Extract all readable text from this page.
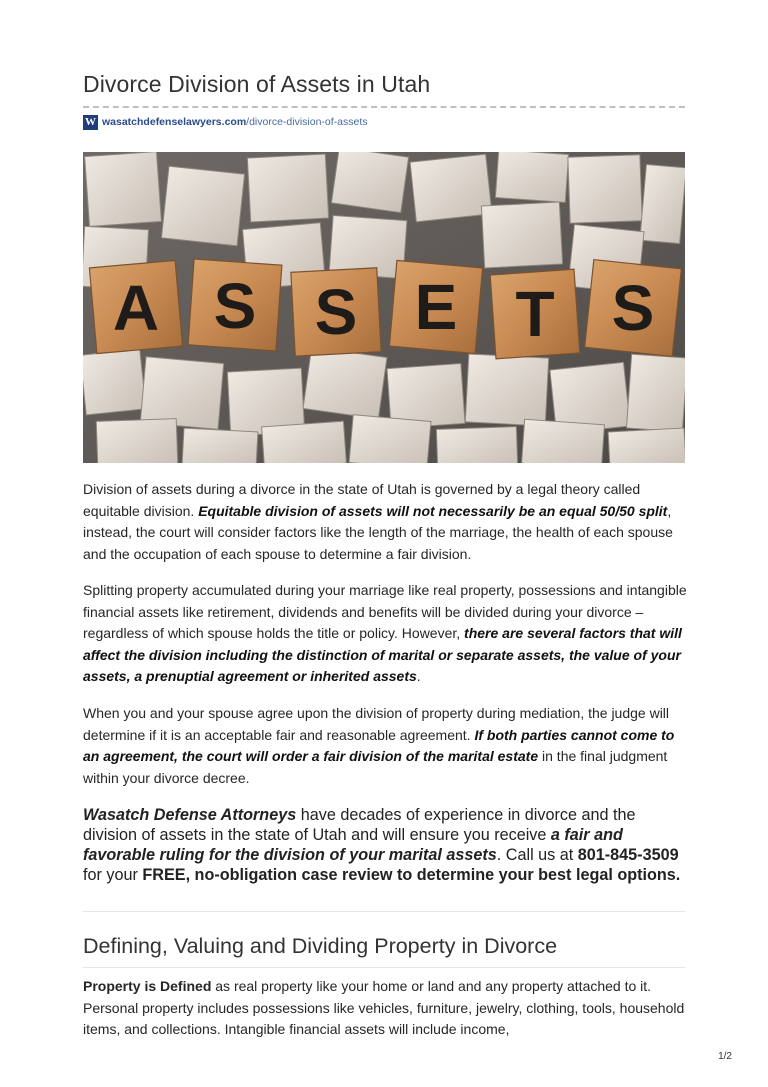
Divorce Division of Assets in Utah
W wasatchdefenselawyers.com/divorce-division-of-assets
A S S E T S

Division of assets during a divorce in the state of Utah is governed by a legal theory called equitable division. Equitable division of assets will not necessarily be an equal 50/50 split, instead, the court will consider factors like the length of the marriage, the health of each spouse and the occupation of each spouse to determine a fair division.

Splitting property accumulated during your marriage like real property, possessions and intangible financial assets like retirement, dividends and benefits will be divided during your divorce – regardless of which spouse holds the title or policy. However, there are several factors that will affect the division including the distinction of marital or separate assets, the value of your assets, a prenuptial agreement or inherited assets.

When you and your spouse agree upon the division of property during mediation, the judge will determine if it is an acceptable fair and reasonable agreement. If both parties cannot come to an agreement, the court will order a fair division of the marital estate in the final judgment within your divorce decree.

Wasatch Defense Attorneys have decades of experience in divorce and the division of assets in the state of Utah and will ensure you receive a fair and favorable ruling for the division of your marital assets. Call us at 801-845-3509 for your FREE, no-obligation case review to determine your best legal options.

Defining, Valuing and Dividing Property in Divorce

Property is Defined as real property like your home or land and any property attached to it. Personal property includes possessions like vehicles, furniture, jewelry, clothing, tools, household items, and collections. Intangible financial assets will include income,

1/2
